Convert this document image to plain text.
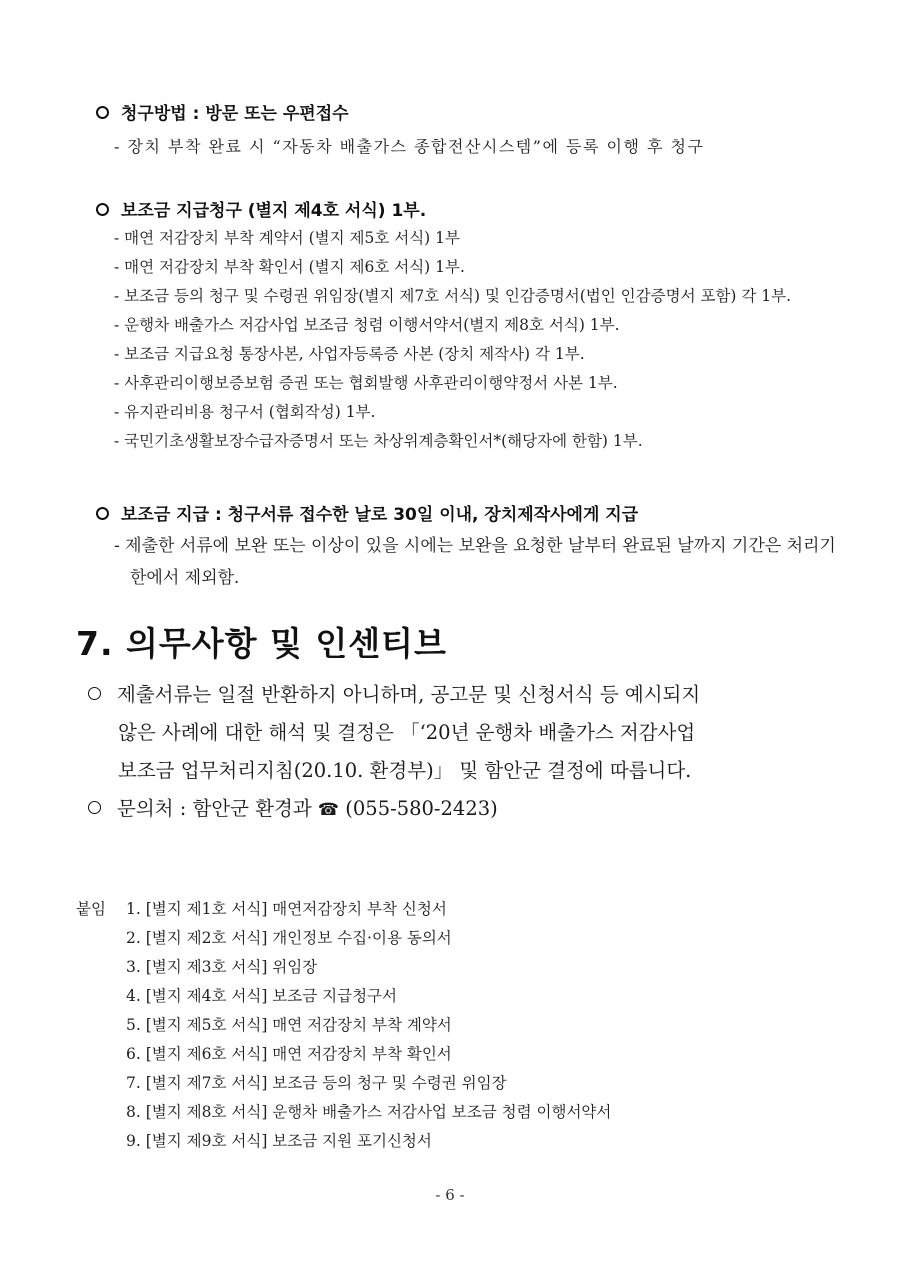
청구방법 : 방문 또는 우편접수
- 장치 부착 완료 시 “자동차 배출가스 종합전산시스템”에 등록 이행 후 청구
보조금 지급청구 (별지 제4호 서식) 1부.
- 매연 저감장치 부착 계약서 (별지 제5호 서식) 1부
- 매연 저감장치 부착 확인서 (별지 제6호 서식) 1부.
- 보조금 등의 청구 및 수령권 위임장(별지 제7호 서식) 및 인감증명서(법인 인감증명서 포함) 각 1부.
- 운행차 배출가스 저감사업 보조금 청렴 이행서약서(별지 제8호 서식) 1부.
- 보조금 지급요청 통장사본, 사업자등록증 사본 (장치 제작사) 각 1부.
- 사후관리이행보증보험 증권 또는 협회발행 사후관리이행약정서 사본 1부.
- 유지관리비용 청구서 (협회작성) 1부.
- 국민기초생활보장수급자증명서 또는 차상위계층확인서*(해당자에 한함) 1부.
보조금 지급 : 청구서류 접수한 날로 30일 이내, 장치제작사에게 지급
- 제출한 서류에 보완 또는 이상이 있을 시에는 보완을 요청한 날부터 완료된 날까지 기간은 처리기한에서 제외함.
7. 의무사항 및 인센티브
제출서류는 일절 반환하지 아니하며, 공고문 및 신청서식 등 예시되지
않은 사례에 대한 해석 및 결정은 「‘20년 운행차 배출가스 저감사업
보조금 업무처리지침(20.10. 환경부)」 및 함안군 결정에 따릅니다.
문의처 : 함안군 환경과 ☎ (055-580-2423)
붙임 1. [별지 제1호 서식] 매연저감장치 부착 신청서
2. [별지 제2호 서식] 개인정보 수집·이용 동의서
3. [별지 제3호 서식] 위임장
4. [별지 제4호 서식] 보조금 지급청구서
5. [별지 제5호 서식] 매연 저감장치 부착 계약서
6. [별지 제6호 서식] 매연 저감장치 부착 확인서
7. [별지 제7호 서식] 보조금 등의 청구 및 수령권 위임장
8. [별지 제8호 서식] 운행차 배출가스 저감사업 보조금 청렴 이행서약서
9. [별지 제9호 서식] 보조금 지원 포기신청서
- 6 -
